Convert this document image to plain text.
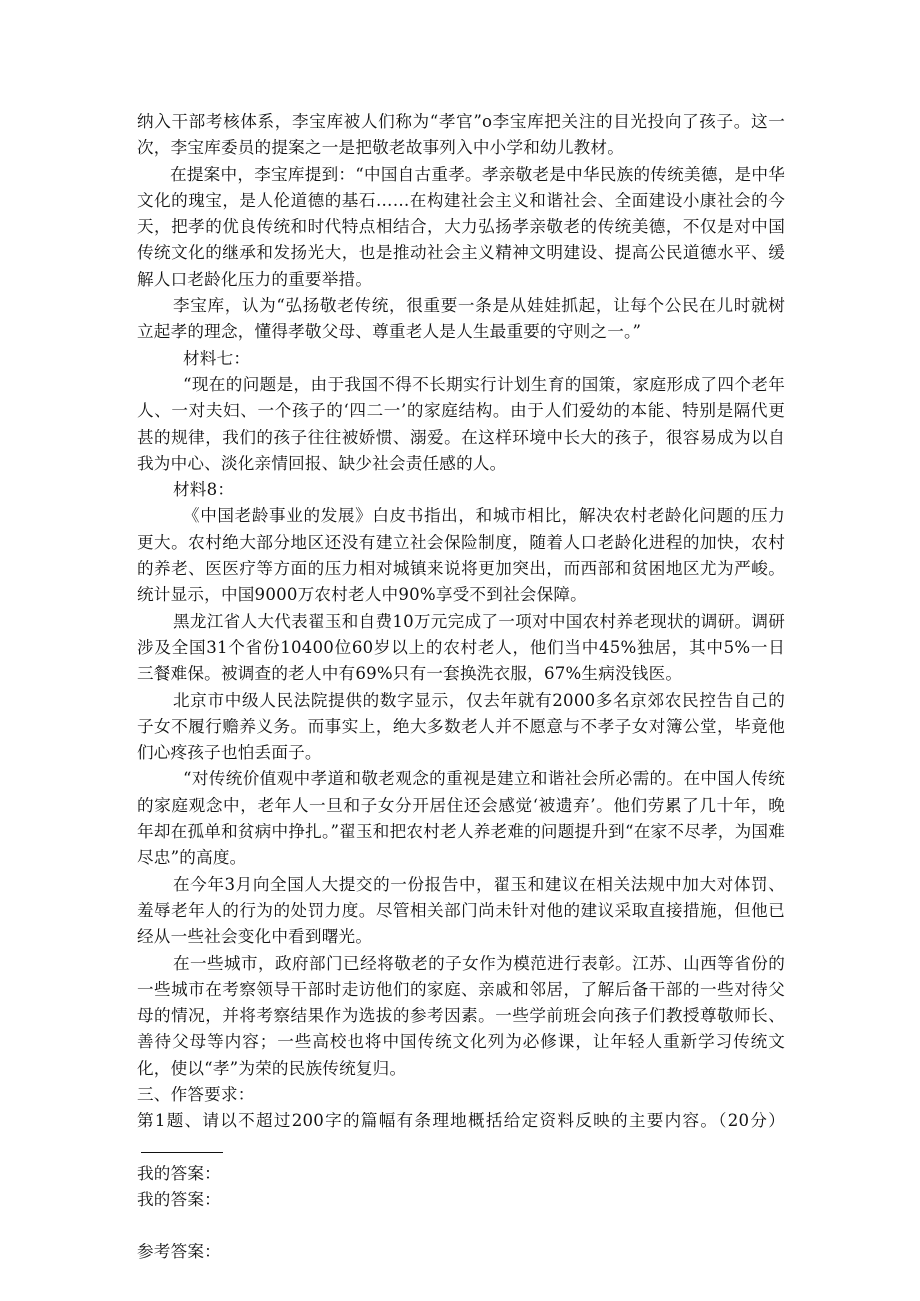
纳入干部考核体系，李宝库被人们称为“孝官”o李宝库把关注的目光投向了孩子。这一次，李宝库委员的提案之一是把敬老故事列入中小学和幼儿教材。

在提案中，李宝库提到：“中国自古重孝。孝亲敬老是中华民族的传统美德，是中华文化的瑰宝，是人伦道德的基石……在构建社会主义和谐社会、全面建设小康社会的今天，把孝的优良传统和时代特点相结合，大力弘扬孝亲敬老的传统美德，不仅是对中国传统文化的继承和发扬光大，也是推动社会主义精神文明建设、提高公民道德水平、缓解人口老龄化压力的重要举措。

李宝库，认为“弘扬敬老传统，很重要一条是从娃娃抓起，让每个公民在儿时就树立起孝的理念，懂得孝敬父母、尊重老人是人生最重要的守则之一。”

材料七：

“现在的问题是，由于我国不得不长期实行计划生育的国策，家庭形成了四个老年人、一对夫妇、一个孩子的‘四二一’的家庭结构。由于人们爱幼的本能、特别是隔代更甚的规律，我们的孩子往往被娇惯、溺爱。在这样环境中长大的孩子，很容易成为以自我为中心、淡化亲情回报、缺少社会责任感的人。

材料8：

《中国老龄事业的发展》白皮书指出，和城市相比，解决农村老龄化问题的压力更大。农村绝大部分地区还没有建立社会保险制度，随着人口老龄化进程的加快，农村的养老、医医疗等方面的压力相对城镇来说将更加突出，而西部和贫困地区尤为严峻。统计显示，中国9000万农村老人中90%享受不到社会保障。

黑龙江省人大代表翟玉和自费10万元完成了一项对中国农村养老现状的调研。调研涉及全国31个省份10400位60岁以上的农村老人，他们当中45%独居，其中5%一日三餐难保。被调查的老人中有69%只有一套换洗衣服，67%生病没钱医。

北京市中级人民法院提供的数字显示，仅去年就有2000多名京郊农民控告自己的子女不履行赡养义务。而事实上，绝大多数老人并不愿意与不孝子女对簿公堂，毕竟他们心疼孩子也怕丢面子。

“对传统价值观中孝道和敬老观念的重视是建立和谐社会所必需的。在中国人传统的家庭观念中，老年人一旦和子女分开居住还会感觉‘被遗弃’。他们劳累了几十年，晚年却在孤单和贫病中挣扎。”翟玉和把农村老人养老难的问题提升到“在家不尽孝，为国难尽忠”的高度。

在今年3月向全国人大提交的一份报告中，翟玉和建议在相关法规中加大对体罚、羞辱老年人的行为的处罚力度。尽管相关部门尚未针对他的建议采取直接措施，但他已经从一些社会变化中看到曙光。

在一些城市，政府部门已经将敬老的子女作为模范进行表彰。江苏、山西等省份的一些城市在考察领导干部时走访他们的家庭、亲戚和邻居，了解后备干部的一些对待父母的情况，并将考察结果作为选拔的参考因素。一些学前班会向孩子们教授尊敬师长、善待父母等内容；一些高校也将中国传统文化列为必修课，让年轻人重新学习传统文化，使以“孝”为荣的民族传统复归。

三、作答要求：

第1题、请以不超过200字的篇幅有条理地概括给定资料反映的主要内容。（20分）

我的答案：

我的答案：

参考答案：
